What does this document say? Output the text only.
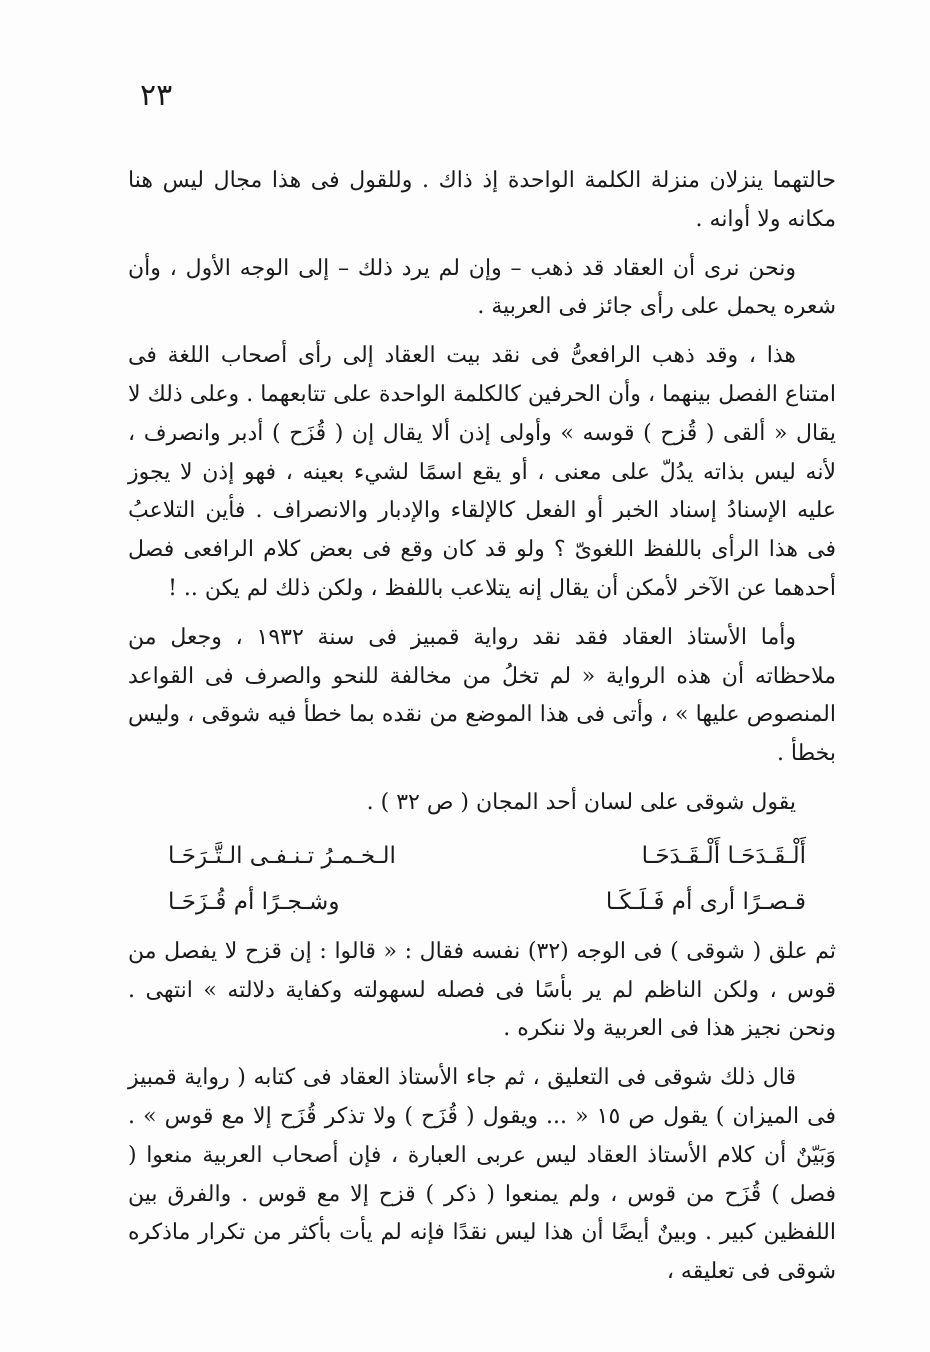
٢٣

حالتهما ينزلان منزلة الكلمة الواحدة إذ ذاك . وللقول فى هذا مجال ليس هنا مكانه ولا أوانه .

ونحن نرى أن العقاد قد ذهب – وإن لم يرد ذلك – إلى الوجه الأول ، وأن شعره يحمل على رأى جائز فى العربية .

هذا ، وقد ذهب الرافعىُّ فى نقد بيت العقاد إلى رأى أصحاب اللغة فى امتناع الفصل بينهما ، وأن الحرفين كالكلمة الواحدة على تتابعهما . وعلى ذلك لا يقال « ألقى ( قُزح ) قوسه » وأولى إذن ألا يقال إن ( قُزَح ) أدبر وانصرف ، لأنه ليس بذاته يدُلّ على معنى ، أو يقع اسمًا لشيء بعينه ، فهو إذن لا يجوز عليه الإسنادُ إسناد الخبر أو الفعل كالإلقاء والإدبار والانصراف . فأين التلاعبُ فى هذا الرأى باللفظ اللغوىّ ؟ ولو قد كان وقع فى بعض كلام الرافعى فصل أحدهما عن الآخر لأمكن أن يقال إنه يتلاعب باللفظ ، ولكن ذلك لم يكن .. !

وأما الأستاذ العقاد فقد نقد رواية قمبيز فى سنة ١٩٣٢ ، وجعل من ملاحظاته أن هذه الرواية « لم تخلُ من مخالفة للنحو والصرف فى القواعد المنصوص عليها » ، وأتى فى هذا الموضع من نقده بما خطأ فيه شوقى ، وليس بخطأ .

يقول شوقى على لسان أحد المجان ( ص ٣٢ ) .

أَلْـقَـدَحَـا أَلْـقَـدَحَـا
الـخـمـرُ تـنـفـى الـتَّـرَحَـا
قـصـرًا أرى أم فَـلَـكَـا
وشـجـرًا أم قُـزَحَـا

ثم علق ( شوقى ) فى الوجه (٣٢) نفسه فقال : « قالوا : إن قزح لا يفصل من قوس ، ولكن الناظم لم ير بأسًا فى فصله لسهولته وكفاية دلالته » انتهى . ونحن نجيز هذا فى العربية ولا ننكره .

قال ذلك شوقى فى التعليق ، ثم جاء الأستاذ العقاد فى كتابه ( رواية قمبيز فى الميزان ) يقول ص ١٥ « ... ويقول ( قُزَح ) ولا تذكر قُزَح إلا مع قوس » . وَبَيّنٌ أن كلام الأستاذ العقاد ليس عربى العبارة ، فإن أصحاب العربية منعوا ( فصل ) قُزَح من قوس ، ولم يمنعوا ( ذكر ) قزح إلا مع قوس . والفرق بين اللفظين كبير . وبينٌ أيضًا أن هذا ليس نقدًا فإنه لم يأت بأكثر من تكرار ماذكره شوقى فى تعليقه ،
